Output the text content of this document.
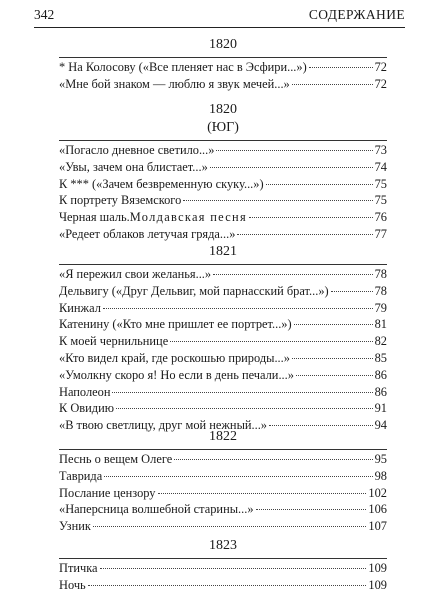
342	СОДЕРЖАНИЕ
1820
* На Колосову («Все пленяет нас в Эсфири...»)	72
«Мне бой знаком — люблю я звук мечей...»	72
1820
(ЮГ)
«Погасло дневное светило...»	73
«Увы, зачем она блистает...»	74
К *** («Зачем безвременную скуку...»)	75
К портрету Вяземского	75
Черная шаль. Молдавская песня	76
«Редеет облаков летучая гряда...»	77
1821
«Я пережил свои желанья...»	78
Дельвигу («Друг Дельвиг, мой парнасский брат...»)	78
Кинжал	79
Катенину («Кто мне пришлет ее портрет...»)	81
К моей чернильнице	82
«Кто видел край, где роскошью природы...»	85
«Умолкну скоро я! Но если в день печали...»	86
Наполеон	86
К Овидию	91
«В твою светлицу, друг мой нежный...»	94
1822
Песнь о вещем Олеге	95
Таврида	98
Послание цензору	102
«Наперсница волшебной старины...»	106
Узник	107
1823
Птичка	109
Ночь	109
